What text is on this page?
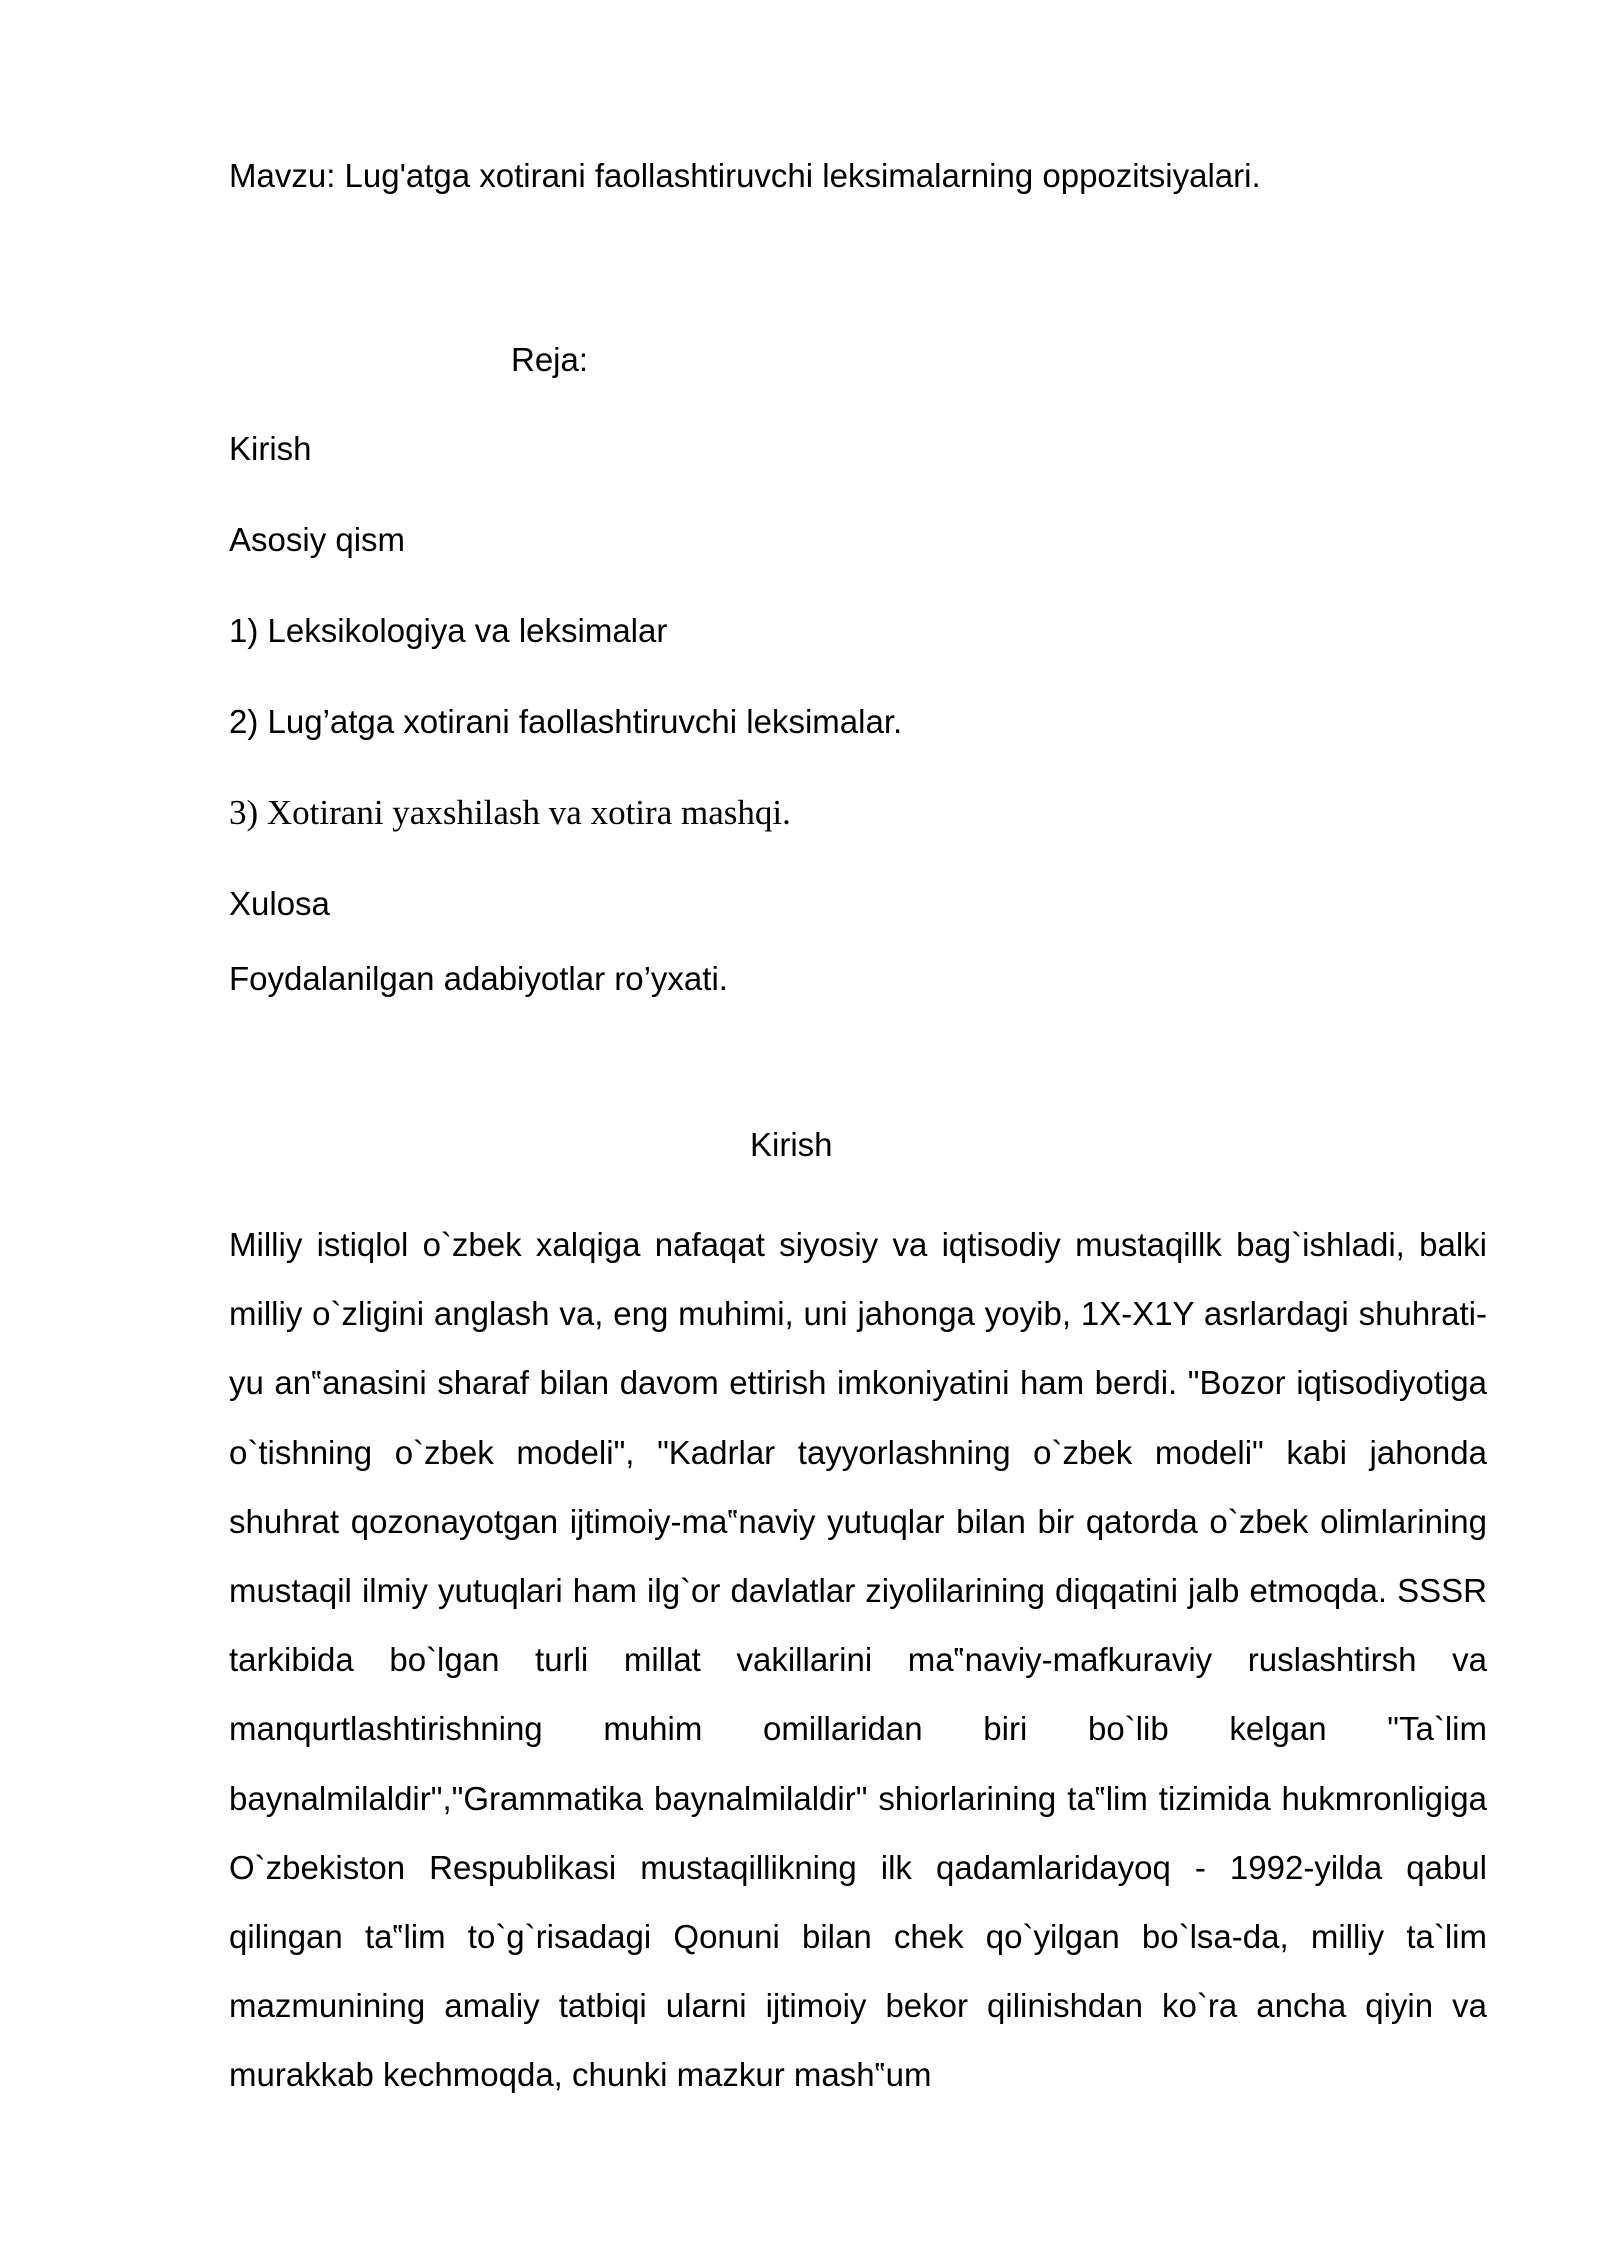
Mavzu: Lug'atga xotirani faollashtiruvchi leksimalarning oppozitsiyalari.
Reja:
Kirish
Asosiy qism
1) Leksikologiya va leksimalar
2) Lug’atga xotirani faollashtiruvchi leksimalar.
3) Xotirani yaxshilash va xotira mashqi.
Xulosa
Foydalanilgan adabiyotlar ro’yxati.
Kirish

Milliy istiqlol o`zbek xalqiga nafaqat siyosiy va iqtisodiy mustaqillk bag`ishladi, balki milliy o`zligini anglash va, eng muhimi, uni jahonga yoyib, 1X-X1Y asrlardagi shuhrati-yu an‟anasini sharaf bilan davom ettirish imkoniyatini ham berdi. "Bozor iqtisodiyotiga o`tishning o`zbek modeli", "Kadrlar tayyorlashning o`zbek modeli" kabi jahonda shuhrat qozonayotgan ijtimoiy-ma‟naviy yutuqlar bilan bir qatorda o`zbek olimlarining mustaqil ilmiy yutuqlari ham ilg`or davlatlar ziyolilarining diqqatini jalb etmoqda. SSSR tarkibida bo`lgan turli millat vakillarini ma‟naviy-mafkuraviy ruslashtirsh va manqurtlashtirishning muhim omillaridan biri bo`lib kelgan "Ta`lim baynalmilaldir","Grammatika baynalmilaldir" shiorlarining ta‟lim tizimida hukmronligiga O`zbekiston Respublikasi mustaqillikning ilk qadamlaridayoq - 1992-yilda qabul qilingan ta‟lim to`g`risadagi Qonuni bilan chek qo`yilgan bo`lsa-da, milliy ta`lim mazmunining amaliy tatbiqi ularni ijtimoiy bekor qilinishdan ko`ra ancha qiyin va murakkab kechmoqda, chunki mazkur mash‟um
